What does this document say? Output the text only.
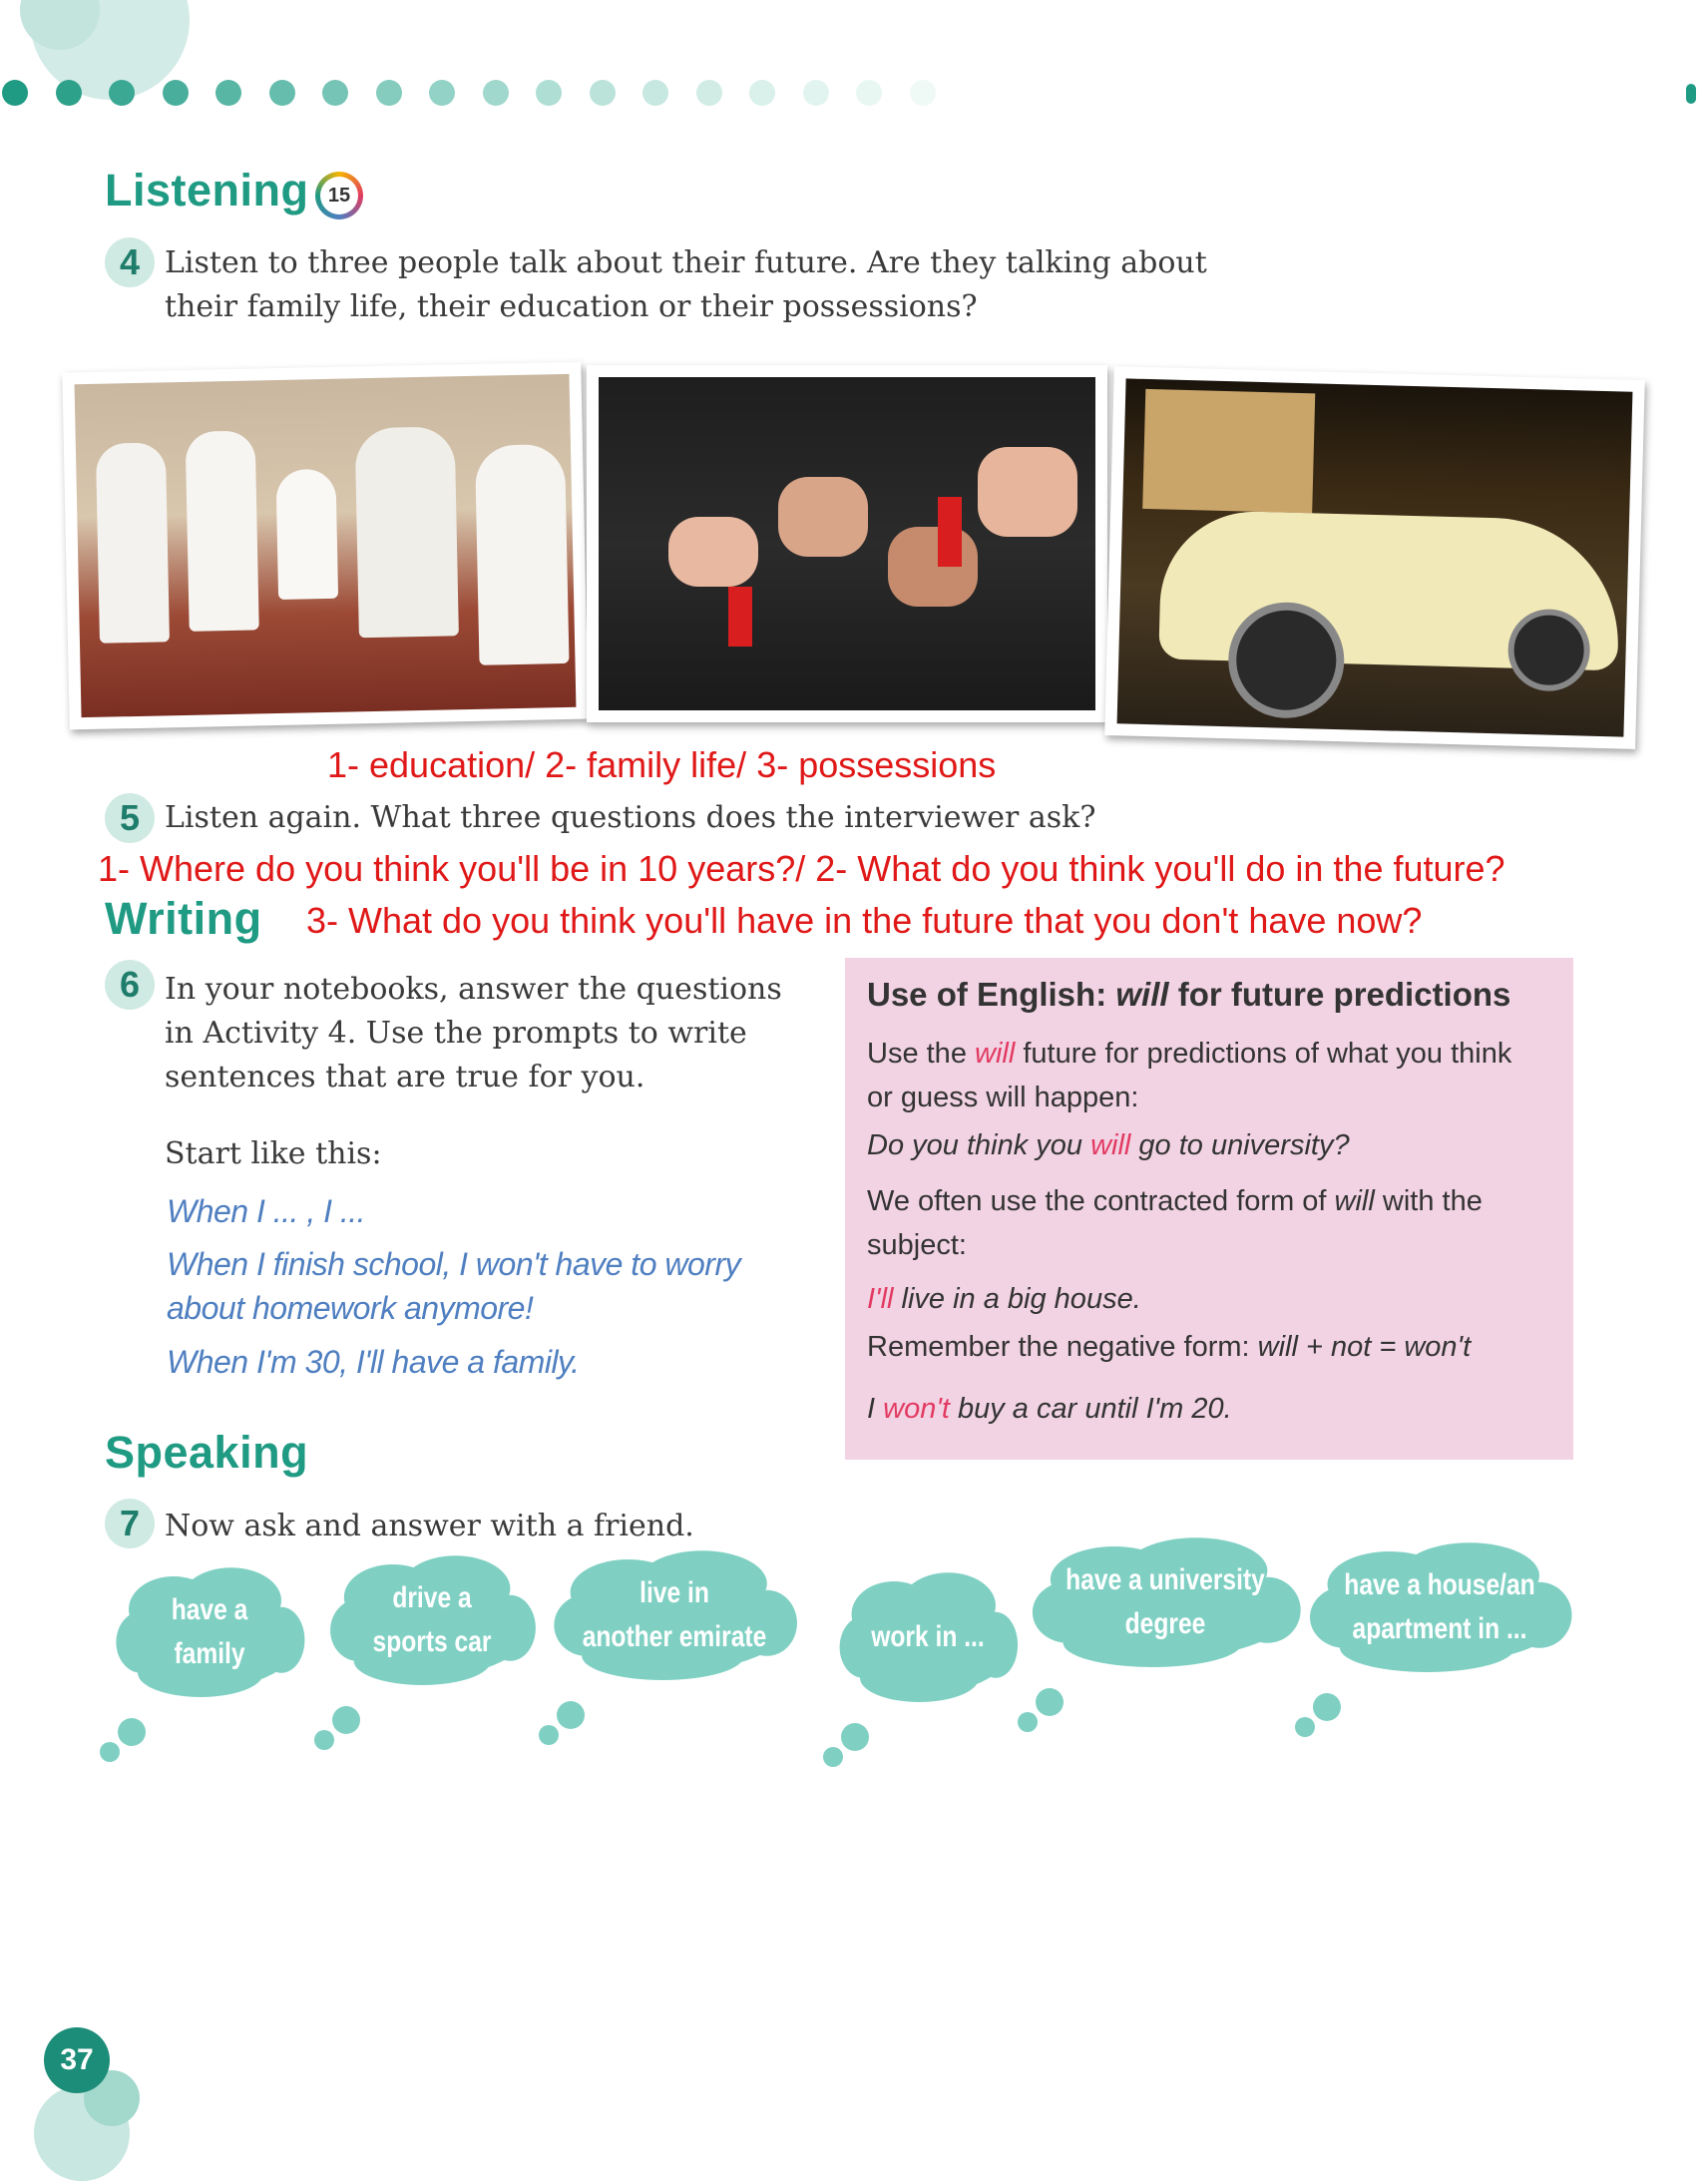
Listening 15
4 Listen to three people talk about their future. Are they talking about their family life, their education or their possessions?
1- education/ 2- family life/ 3- possessions
5 Listen again. What three questions does the interviewer ask?
1- Where do you think you'll be in 10 years?/ 2- What do you think you'll do in the future?
Writing 3- What do you think you'll have in the future that you don't have now?
6 In your notebooks, answer the questions in Activity 4. Use the prompts to write sentences that are true for you.
Start like this:
When I ... , I ...
When I finish school, I won't have to worry about homework anymore!
When I'm 30, I'll have a family.
Use of English: will for future predictions
Use the will future for predictions of what you think or guess will happen:
Do you think you will go to university?
We often use the contracted form of will with the subject:
I'll live in a big house.
Remember the negative form: will + not = won't
I won't buy a car until I'm 20.
Speaking
7 Now ask and answer with a friend.
have a
family
drive a
sports car
live in
another emirate	work in ...
have a university
degree
have a house/an
apartment in ...
37
